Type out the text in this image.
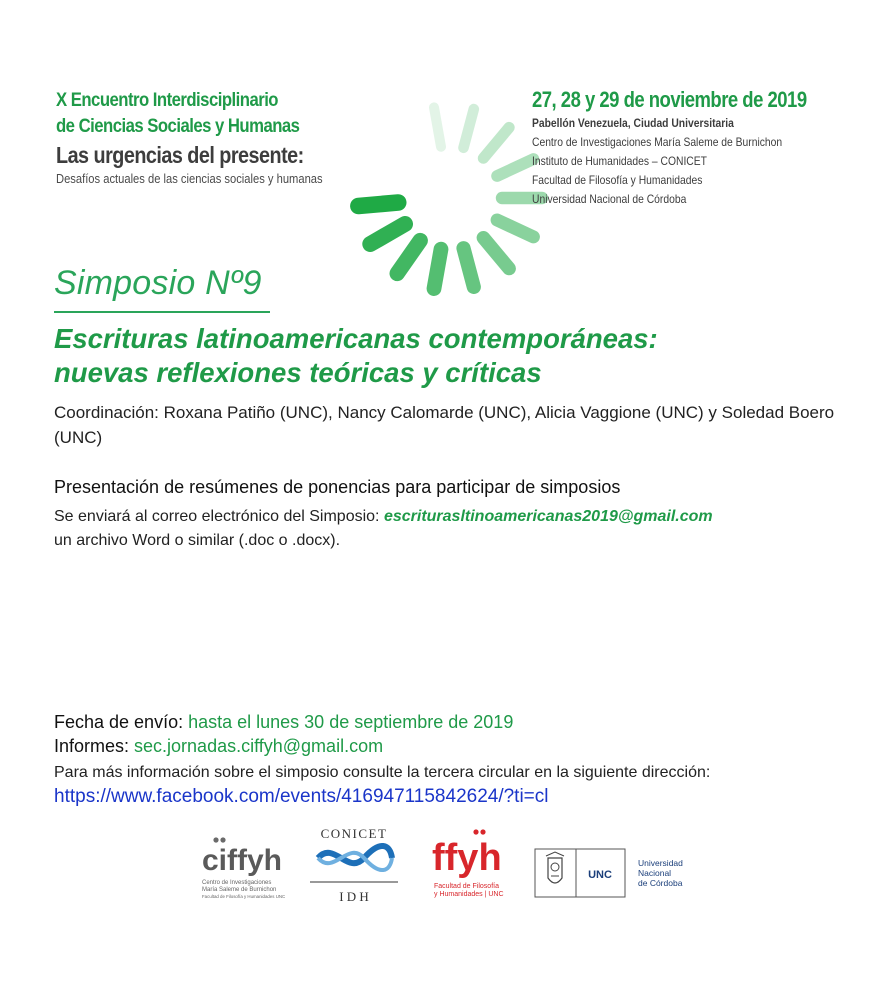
X Encuentro Interdisciplinario
de Ciencias Sociales y Humanas
Las urgencias del presente:
Desafíos actuales de las ciencias sociales y humanas
27, 28 y 29 de noviembre de 2019
Pabellón Venezuela, Ciudad Universitaria
Centro de Investigaciones María Saleme de Burnichon
Instituto de Humanidades – CONICET
Facultad de Filosofía y Humanidades
Universidad Nacional de Córdoba
Simposio Nº9
Escrituras latinoamericanas contemporáneas:
nuevas reflexiones teóricas y críticas
Coordinación: Roxana Patiño (UNC), Nancy Calomarde (UNC), Alicia Vaggione (UNC) y Soledad Boero (UNC)
Presentación de resúmenes de ponencias para participar de simposios
Se enviará al correo electrónico del Simposio: escriturasltinoamericanas2019@gmail.com
un archivo Word o similar (.doc o .docx).
Fecha de envío: hasta el lunes 30 de septiembre de 2019
Informes: sec.jornadas.ciffyh@gmail.com
Para más información sobre el simposio consulte la tercera circular en la siguiente dirección:
https://www.facebook.com/events/416947115842624/?ti=cl
ciffyh
Centro de Investigaciones
María Saleme de Burnichon
Facultad de Filosofía y Humanidades UNC
CONICET
I D H
ffyh
Facultad de Filosofía
y Humanidades | UNC
UNC
Universidad
Nacional
de Córdoba
